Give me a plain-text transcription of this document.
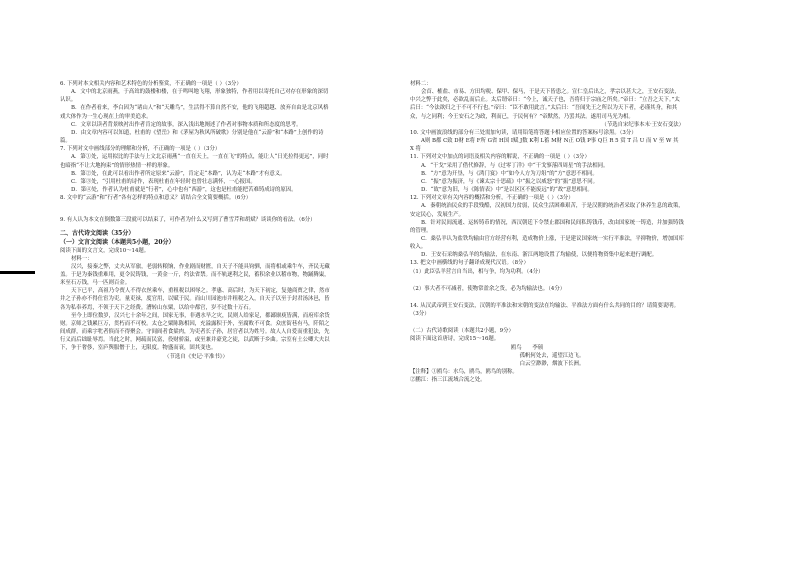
6. 下列对本文相关内容和艺术特色的分析鉴赏，不正确的一项是（ ）（3分）

A．文中的北京雨燕，于高耸的鼓楼和楼，在于鸣叫地飞翔，形象独特，作者用以寄托自己对存在形象的深切认识。

B．在作者看来，李白因为“诸山人”和“天雕鸟”，生活得不算自然不安，他的飞翔超越、放弃自由是北京风格戏大体作为一生心现在上的审美追求。

C．文章以读者背景映衬出作者肯定的故事，深入浅出地阐述了作者对事物本质和所态度的思考。

D．由文章内容可以知道，杜甫的《望岳》和《茅屋为秋风所破歌》分别是他在“云游”和“本路”上创作的诗篇。

7. 下列对文中画线部分的理解和分析，不正确的一项是（ ）（3分）

A．第①处，运用拟比的手法与上文北京雨燕“一直在天上，一直在飞”的特点，能让人“日光拉得更远”，同时也暗指“不让大地拘束”的情形热情一样的形象。

B．第②处，在此可以看出作者所定原来“云游”，肯定走“本路”，认为走“本路”才有意义。

C．第③处，“引用杜甫的诗作，表现杜甫在年轻时也曾壮志满怀，一心报国。

D．第④处，作者认为杜甫就是“行者”，心中也有“西游”，这也是杜甫能把苦难铸成诗的原因。

8. 文中的“云游”和“行者”各有怎样的特点和意义？请结合全文简要概括。（6分）

9. 有人认为本文在倒数第三段就可以结束了，可作者为什么又写到了曹雪芹和胡斌？谈谈你的看法。（6分）

二、古代诗文阅读（35分）

（一）文言文阅读（本题共5小题，20分）

阅读下面的文言文，完成10～14题。

材料一：

汉兴，接秦之弊，丈夫从军旅，老弱转粮饷，作业剧而财匮，自天子不能具钧驷，而将相或乘牛车，齐民无藏盖。于是为秦钱重难用，更令民铸钱，一黄金一斤，约法省禁。而不轨逐利之民，蓄积余业以稽市物，物踊腾粜，米至石万钱，马一匹则百金。

天下已平，高祖乃令贾人不得衣丝乘车，重租税以困辱之。孝惠、高后时，为天下初定，复弛商贾之律，然市井之子孙亦不得仕宦为吏。量吏禄，度官用，以赋于民。而山川园池市井租税之入，自天子以至于封君汤沐邑，皆各为私奉养焉，不领于天下之经费。漕转山东粟，以给中都官，岁不过数十万石。

至今上即位数岁，汉兴七十余年之间，国家无事，非遇水旱之灾，民则人给家足，都鄙廪庾皆满，而府库余货财。京师之钱累巨万，贯朽而不可校。太仓之粟陈陈相因，充溢露积于外，至腐败不可食。众庶街巷有马，阡陌之间成群，而乘字牝者傧而不得聚会。守闾阎者食粱肉，为吏者长子孙，居官者以为姓号。故人人自爱而重犯法，先行义而后绌耻辱焉。当此之时，网疏而民富，役财骄溢，或至兼并豪党之徒，以武断于乡曲。宗室有土公卿大夫以下，争于奢侈，室庐舆服僭于上，无限度。物盛而衰，固其变也。

（节选自《史记·平准书》）

材料二：

会首、榷盐、市易、方田均税、保甲、保马，于是天下皆患之。宣仁皇后出之，孝宗以甚大之，王安石变法，中兴之弊于此矣，必欲乱而后止。太后谓帝曰：“今上，诚天子也，吾将归于宗庙之所矣。”帝曰：“立吾之天下。”太后曰：“今法欲归之于不可不行也。”帝曰：“臣不敢用此言。”太后曰：“吾闻先王之所以为天下者，必谨其身，和其众，与之同利；今王安石之为政，利而已，于民何有？”帝默然，乃罢其法。遂用司马光为相。

（节选自宋纪事本末·王安石变法）

10. 文中画波浪线的部分有三处需加句读，请用铅笔将答题卡相应位置的答案标号涂黑。（3分）

A则 B都 C致 D财 E将 F所 G省 H国 I赋 J数 K利 L蓄 M财 N正 O钱 P事 Q巨 R 5 赏 T 吕 U 而 V 至 W 其 X 将

11. 下列对文中加点的词语及相关内容的解说，不正确的一项是（ ）（3分）

A．“干戈”采用了借代修辞，与《过零丁洋》中“干戈寥落四周星”的手法相同。

B．“方”意为开垦，与《鸿门宴》中“如今人方为刀俎”的“方”意思不相同。

C．“振”意为振济，与《谏太宗十思疏》中“振之以威怒”的“振”意思不同。

D．“故”意为旧，与《陈情表》中“是以区区不能废远”的“故”意思相同。

12. 下列对文章有关内容的概括和分析，不正确的一项是（ ）（3分）

A．秦朝统治民众的手段残酷，汉初国力贫弱，民众生活困难艰苦，于是汉朝的统治者采取了休养生息的政策，安定民心，发展生产。

B．针对民间流通、运转铸币的情况，西汉朝廷下令禁止郡国和民间私铸钱币，改由国家统一铸造，并加强铸钱的管理。

C．桑弘羊认为盐铁均输由官方经营有利，造成物价上涨，于是建议国家统一实行平准法，平抑物价，增加国库收入。

D．王安石采纳桑弘羊的均输法，在东南、浙江两地设置了均输使，以便将物资集中起来进行调配。

13. 把文中画横线的句子翻译成现代汉语。（8分）

（1）此臣弘羊营言自当出，相与争，均为功利。（4分）

（2）事大者不可减者，使物常盈余之货，必为均输法也。（4分）

14. 从汉武帝到王安石变法，汉朝的平准法和宋朝的变法在均输法、平准法方面有什么共同的目的？请简要说明。（3分）

（二）古代诗歌阅读（本题共2小题，9分）

阅读下面这首唐诗，完成15～16题。

鸥鸟　　李颀

孤帆何处去，遥望江边飞。

白云空渺渺，烟波下长洲。

【注释】①鸥鸟：水鸟，鸥鸟，鸥鸟的别称。

②鹏江：指三江流域合流之处。
